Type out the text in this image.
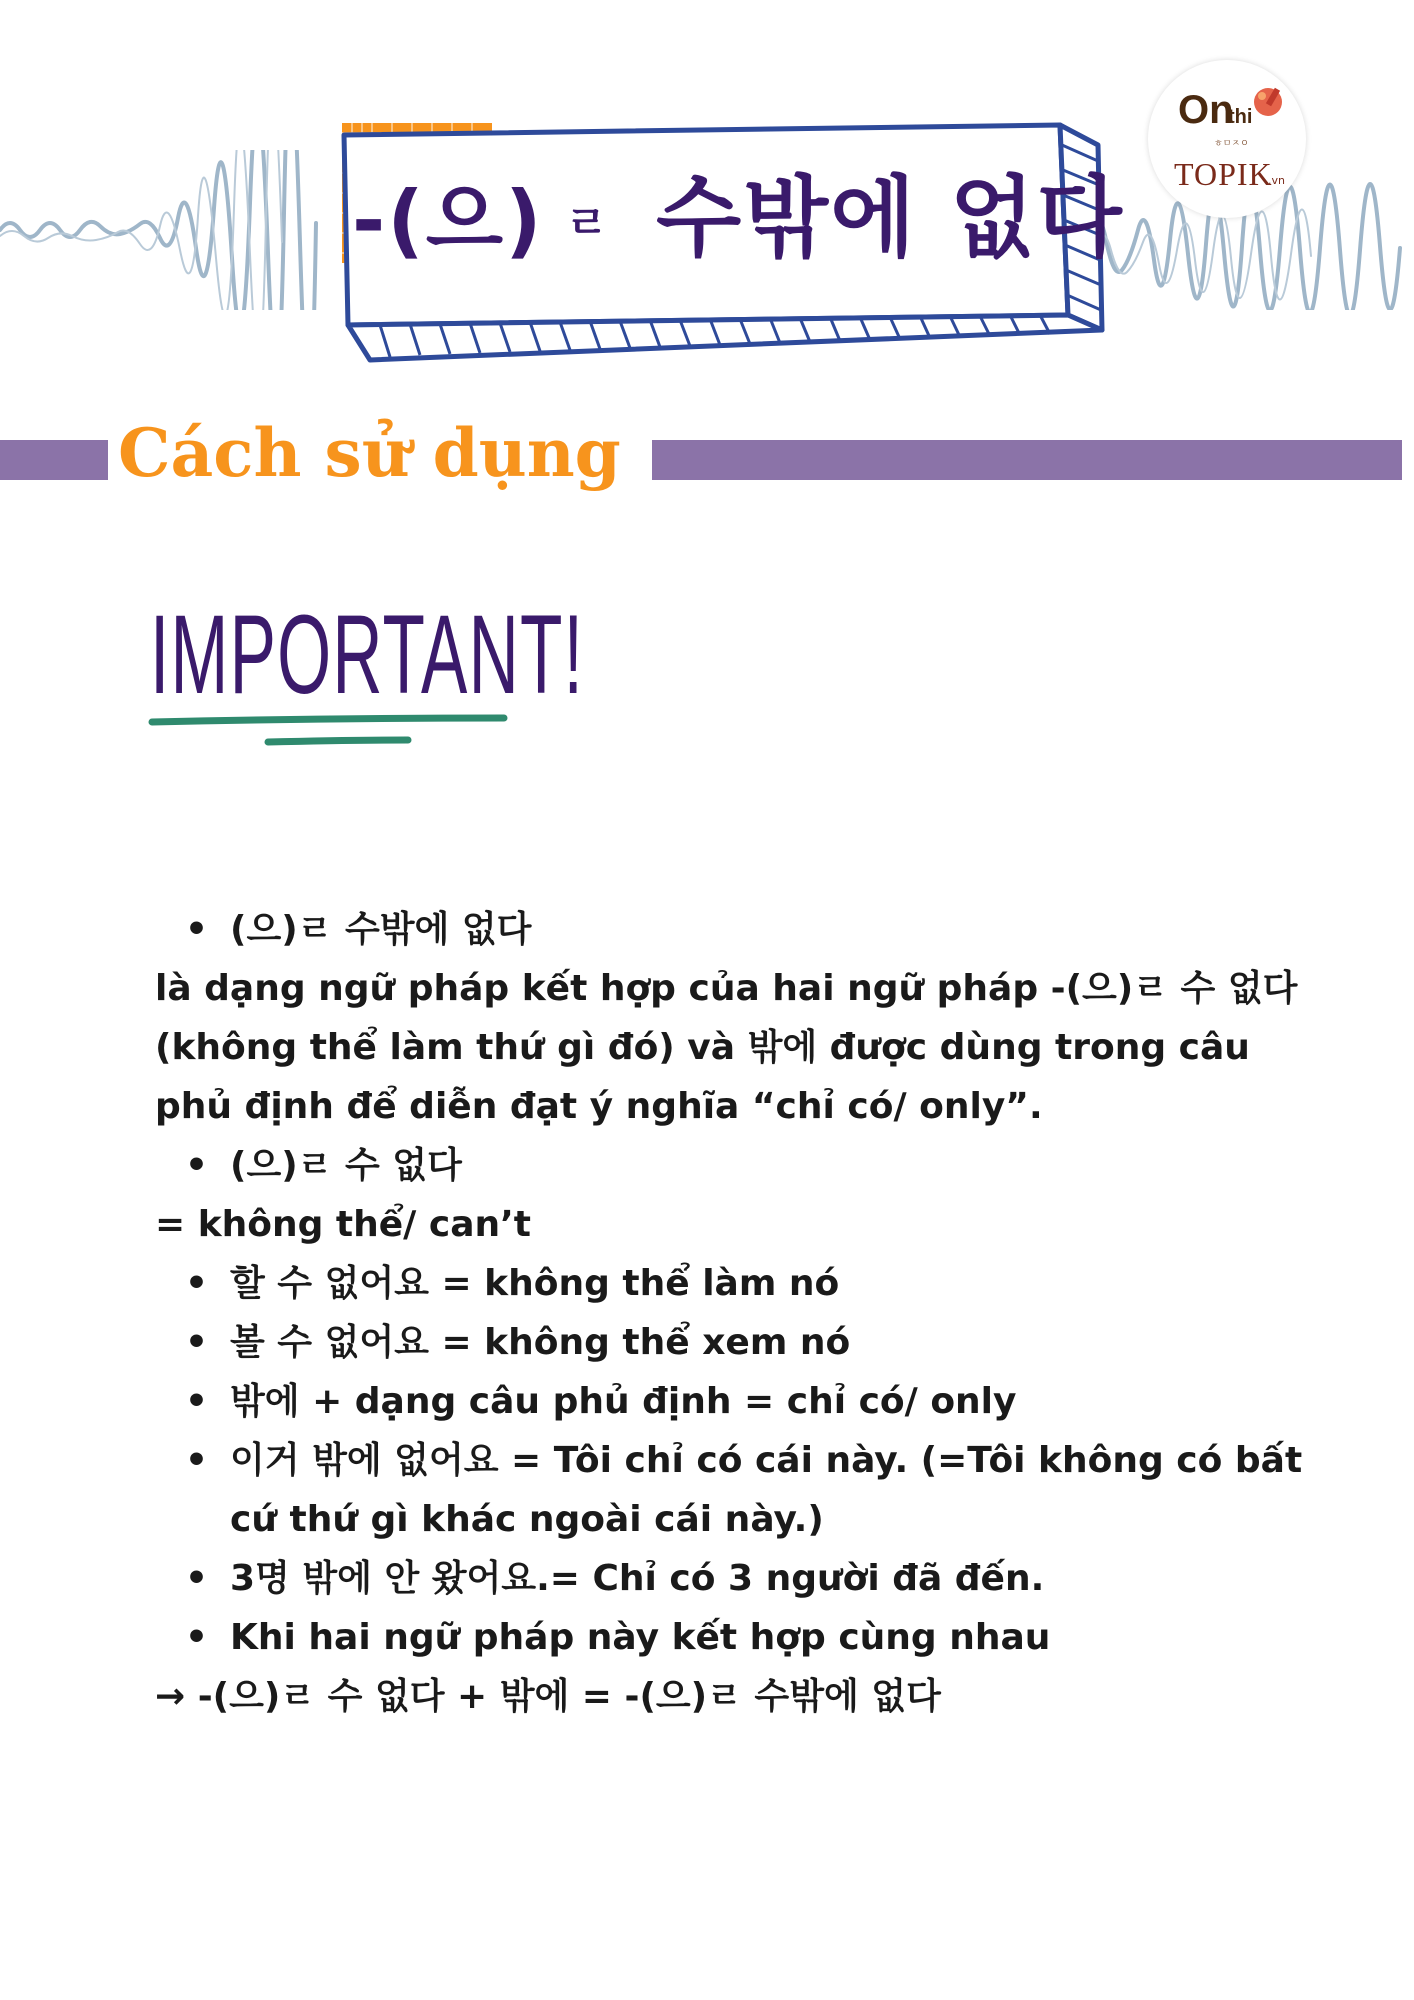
-(으) ㄹ 수밖에 없다
On
thi
ㅎㅁㅈㅇ
TOPIK
.vn
Cách sử dụng
IMPORTANT!
• (으)ㄹ 수밖에 없다
là dạng ngữ pháp kết hợp của hai ngữ pháp -(으)ㄹ 수 없다 (không thể làm thứ gì đó) và 밖에 được dùng trong câu phủ định để diễn đạt ý nghĩa “chỉ có/ only”.
• (으)ㄹ 수 없다
= không thể/ can’t
• 할 수 없어요 = không thể làm nó
• 볼 수 없어요 = không thể xem nó
• 밖에 + dạng câu phủ định = chỉ có/ only
• 이거 밖에 없어요 = Tôi chỉ có cái này. (=Tôi không có bất cứ thứ gì khác ngoài cái này.)
• 3명 밖에 안 왔어요.= Chỉ có 3 người đã đến.
• Khi hai ngữ pháp này kết hợp cùng nhau
→ -(으)ㄹ 수 없다 + 밖에 = -(으)ㄹ 수밖에 없다
